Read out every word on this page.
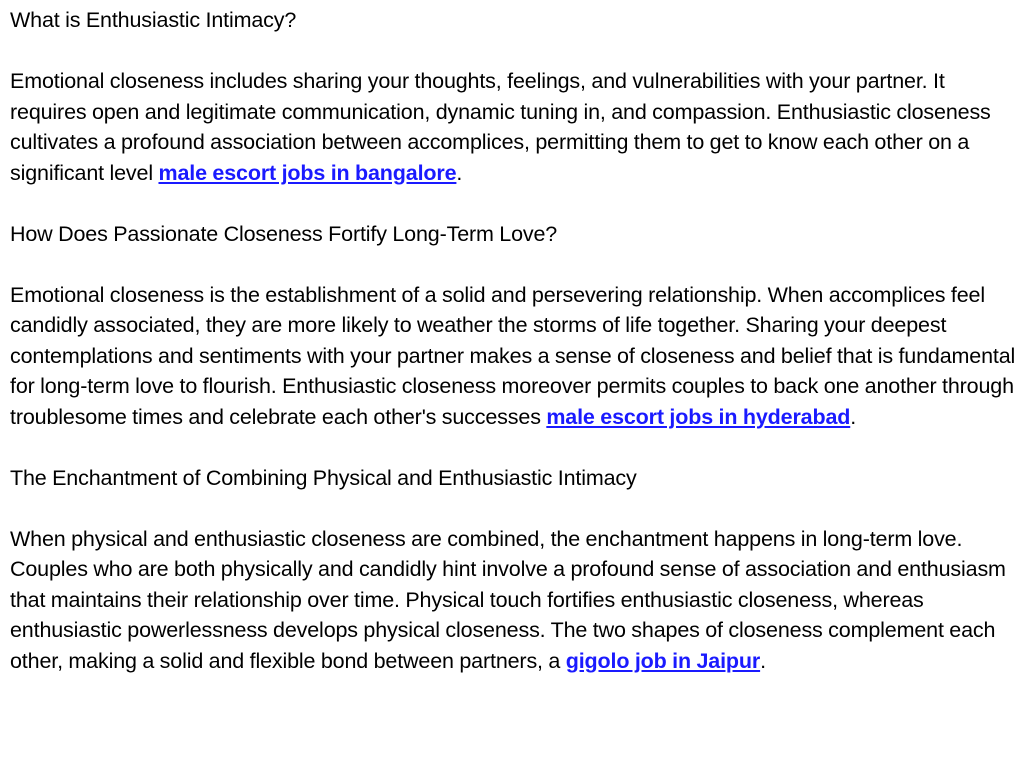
What is Enthusiastic Intimacy?
Emotional closeness includes sharing your thoughts, feelings, and vulnerabilities with your partner. It requires open and legitimate communication, dynamic tuning in, and compassion. Enthusiastic closeness cultivates a profound association between accomplices, permitting them to get to know each other on a significant level male escort jobs in bangalore.
How Does Passionate Closeness Fortify Long-Term Love?
Emotional closeness is the establishment of a solid and persevering relationship. When accomplices feel candidly associated, they are more likely to weather the storms of life together. Sharing your deepest contemplations and sentiments with your partner makes a sense of closeness and belief that is fundamental for long-term love to flourish. Enthusiastic closeness moreover permits couples to back one another through troublesome times and celebrate each other's successes male escort jobs in hyderabad.
The Enchantment of Combining Physical and Enthusiastic Intimacy
When physical and enthusiastic closeness are combined, the enchantment happens in long-term love. Couples who are both physically and candidly hint involve a profound sense of association and enthusiasm that maintains their relationship over time. Physical touch fortifies enthusiastic closeness, whereas enthusiastic powerlessness develops physical closeness. The two shapes of closeness complement each other, making a solid and flexible bond between partners, a gigolo job in Jaipur.
